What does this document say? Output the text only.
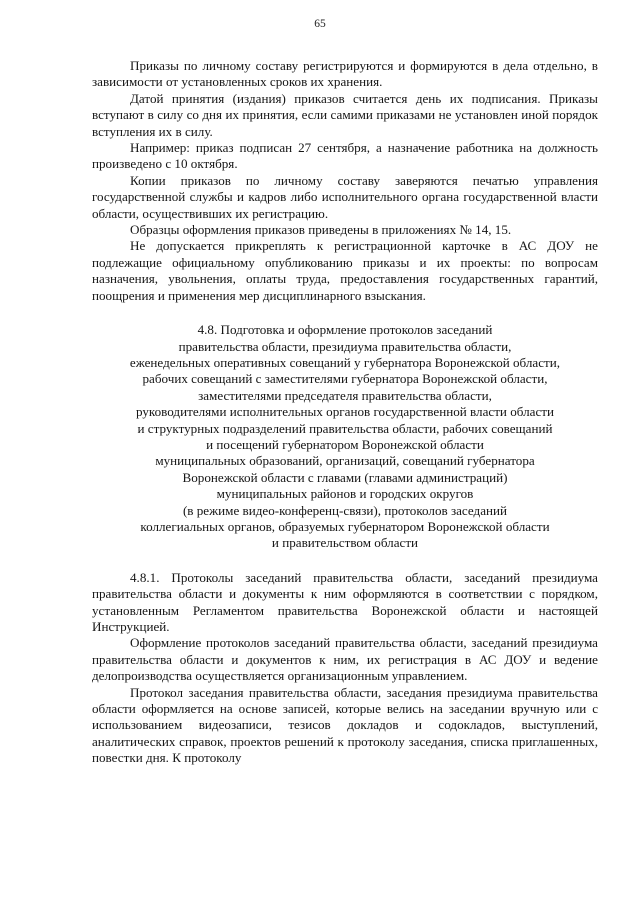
65

Приказы по личному составу регистрируются и формируются в дела отдельно, в зависимости от установленных сроков их хранения.

Датой принятия (издания) приказов считается день их подписания. Приказы вступают в силу со дня их принятия, если самими приказами не установлен иной порядок вступления их в силу.

Например: приказ подписан 27 сентября, а назначение работника на должность произведено с 10 октября.

Копии приказов по личному составу заверяются печатью управления государственной службы и кадров либо исполнительного органа государственной власти области, осуществивших их регистрацию.

Образцы оформления приказов приведены в приложениях № 14, 15.

Не допускается прикреплять к регистрационной карточке в АС ДОУ не подлежащие официальному опубликованию приказы и их проекты: по вопросам назначения, увольнения, оплаты труда, предоставления государственных гарантий, поощрения и применения мер дисциплинарного взыскания.

4.8. Подготовка и оформление протоколов заседаний
правительства области, президиума правительства области,
еженедельных оперативных совещаний у губернатора Воронежской области,
рабочих совещаний с заместителями губернатора Воронежской области,
заместителями председателя правительства области,
руководителями исполнительных органов государственной власти области
и структурных подразделений правительства области, рабочих совещаний
и посещений губернатором Воронежской области
муниципальных образований, организаций, совещаний губернатора
Воронежской области с главами (главами администраций)
муниципальных районов и городских округов
(в режиме видео-конференц-связи), протоколов заседаний
коллегиальных органов, образуемых губернатором Воронежской области
и правительством области

4.8.1. Протоколы заседаний правительства области, заседаний президиума правительства области и документы к ним оформляются в соответствии с порядком, установленным Регламентом правительства Воронежской области и настоящей Инструкцией.

Оформление протоколов заседаний правительства области, заседаний президиума правительства области и документов к ним, их регистрация в АС ДОУ и ведение делопроизводства осуществляется организационным управлением.

Протокол заседания правительства области, заседания президиума правительства области оформляется на основе записей, которые велись на заседании вручную или с использованием видеозаписи, тезисов докладов и содокладов, выступлений, аналитических справок, проектов решений к протоколу заседания, списка приглашенных, повестки дня. К протоколу
